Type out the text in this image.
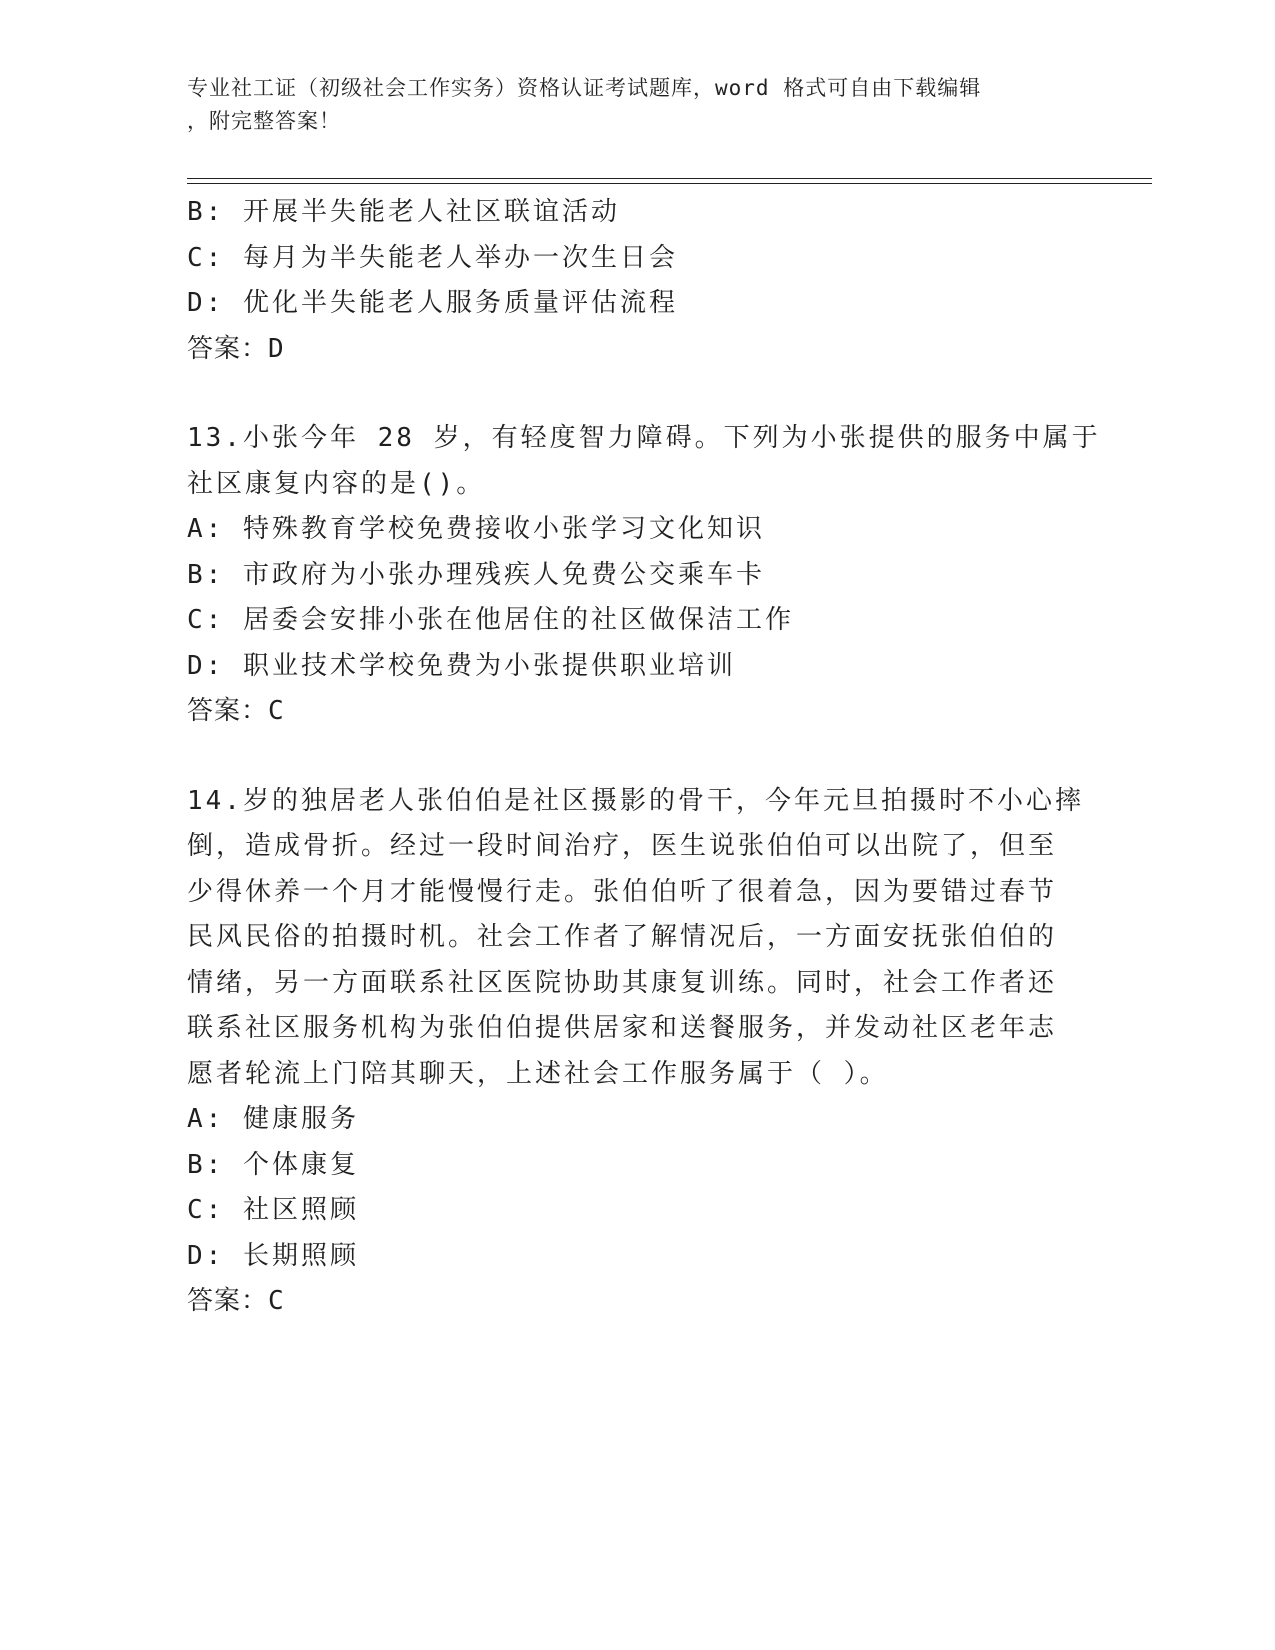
专业社工证（初级社会工作实务）资格认证考试题库，word 格式可自由下载编辑
，附完整答案！
B: 开展半失能老人社区联谊活动
C: 每月为半失能老人举办一次生日会
D: 优化半失能老人服务质量评估流程
答案：D
13.小张今年 28 岁，有轻度智力障碍。下列为小张提供的服务中属于
社区康复内容的是()。
A: 特殊教育学校免费接收小张学习文化知识
B: 市政府为小张办理残疾人免费公交乘车卡
C: 居委会安排小张在他居住的社区做保洁工作
D: 职业技术学校免费为小张提供职业培训
答案：C
14.岁的独居老人张伯伯是社区摄影的骨干，今年元旦拍摄时不小心摔
倒，造成骨折。经过一段时间治疗，医生说张伯伯可以出院了，但至
少得休养一个月才能慢慢行走。张伯伯听了很着急，因为要错过春节
民风民俗的拍摄时机。社会工作者了解情况后，一方面安抚张伯伯的
情绪，另一方面联系社区医院协助其康复训练。同时，社会工作者还
联系社区服务机构为张伯伯提供居家和送餐服务，并发动社区老年志
愿者轮流上门陪其聊天，上述社会工作服务属于（ ）。
A: 健康服务
B: 个体康复
C: 社区照顾
D: 长期照顾
答案：C
